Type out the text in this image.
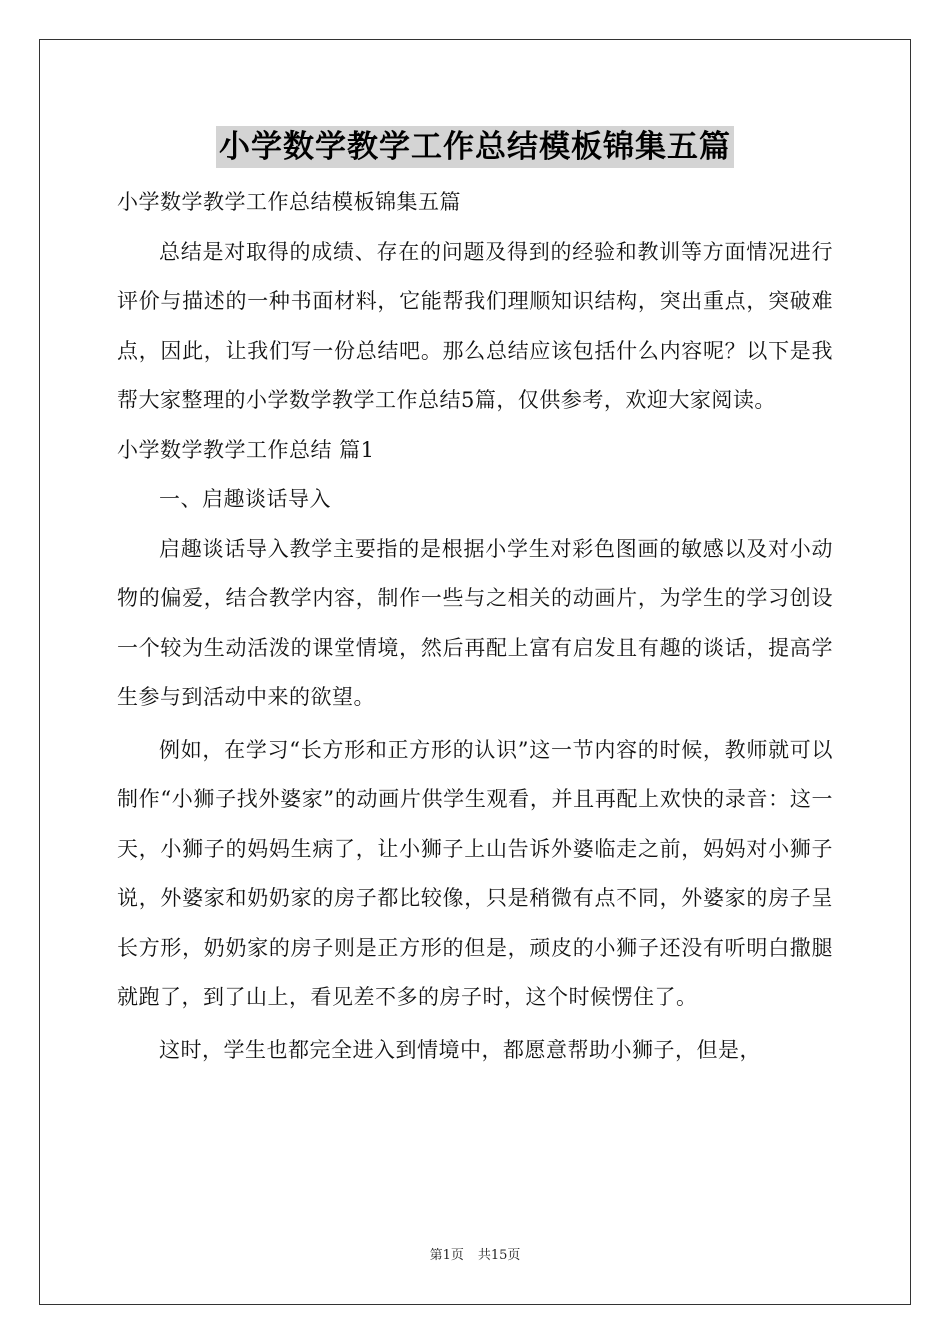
小学数学教学工作总结模板锦集五篇

小学数学教学工作总结模板锦集五篇

总结是对取得的成绩、存在的问题及得到的经验和教训等方面情况进行评价与描述的一种书面材料，它能帮我们理顺知识结构，突出重点，突破难点，因此，让我们写一份总结吧。那么总结应该包括什么内容呢？以下是我帮大家整理的小学数学教学工作总结5篇，仅供参考，欢迎大家阅读。

小学数学教学工作总结 篇1

一、启趣谈话导入

启趣谈话导入教学主要指的是根据小学生对彩色图画的敏感以及对小动物的偏爱，结合教学内容，制作一些与之相关的动画片，为学生的学习创设一个较为生动活泼的课堂情境，然后再配上富有启发且有趣的谈话，提高学生参与到活动中来的欲望。

例如，在学习“长方形和正方形的认识”这一节内容的时候，教师就可以制作“小狮子找外婆家”的动画片供学生观看，并且再配上欢快的录音：这一天，小狮子的妈妈生病了，让小狮子上山告诉外婆临走之前，妈妈对小狮子说，外婆家和奶奶家的房子都比较像，只是稍微有点不同，外婆家的房子呈长方形，奶奶家的房子则是正方形的但是，顽皮的小狮子还没有听明白撒腿就跑了，到了山上，看见差不多的房子时，这个时候愣住了。

这时，学生也都完全进入到情境中，都愿意帮助小狮子，但是，

第1页 共15页
